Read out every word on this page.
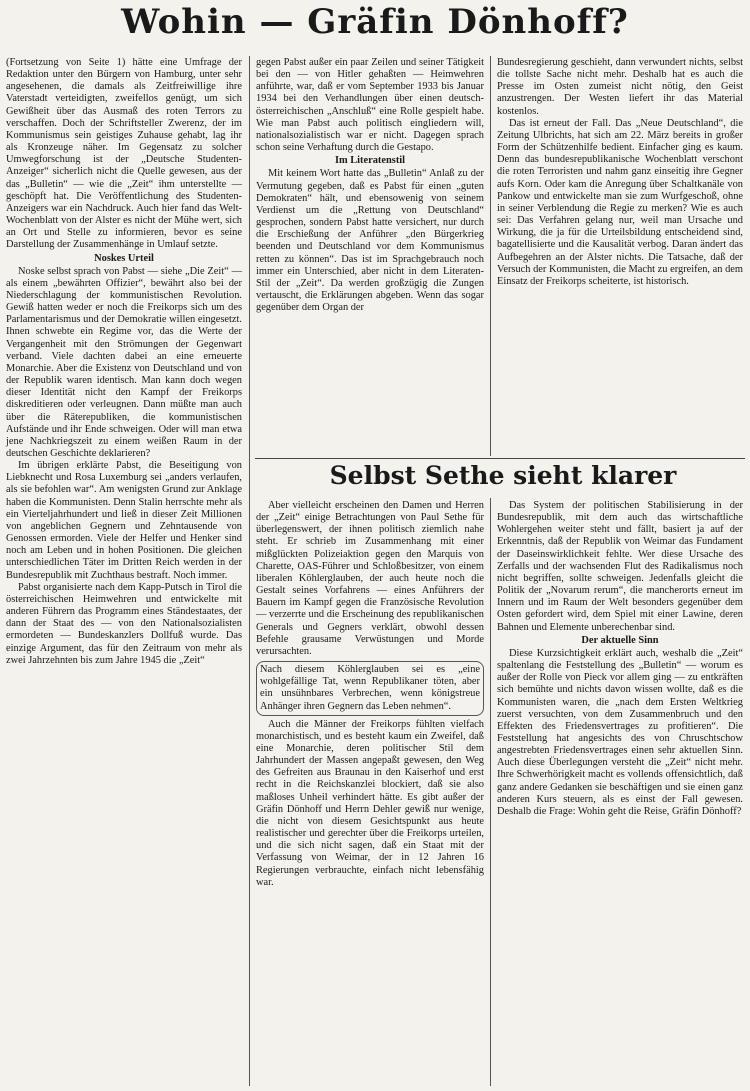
Wohin — Gräfin Dönhoff?

(Fortsetzung von Seite 1) hätte eine Umfrage der Redaktion unter den Bürgern von Hamburg, unter sehr angesehenen, die damals als Zeitfreiwillige ihre Vaterstadt verteidigten, zweifellos genügt, um sich Gewißheit über das Ausmaß des roten Terrors zu verschaffen. Doch der Schriftsteller Zwerenz, der im Kommunismus sein geistiges Zuhause gehabt, lag ihr als Kronzeuge näher. Im Gegensatz zu solcher Umwegforschung ist der „Deutsche Studenten-Anzeiger“ sicherlich nicht die Quelle gewesen, aus der das „Bulletin“ — wie die „Zeit“ ihm unterstellte — geschöpft hat. Die Veröffentlichung des Studenten-Anzeigers war ein Nachdruck. Auch hier fand das Welt-Wochenblatt von der Alster es nicht der Mühe wert, sich an Ort und Stelle zu informieren, bevor es seine Darstellung der Zusammenhänge in Umlauf setzte.

Noskes Urteil

Noske selbst sprach von Pabst — siehe „Die Zeit“ — als einem „bewährten Offizier“, bewährt also bei der Niederschlagung der kommunistischen Revolution. Gewiß hatten weder er noch die Freikorps sich um des Parlamentarismus und der Demokratie willen eingesetzt. Ihnen schwebte ein Regime vor, das die Werte der Vergangenheit mit den Strömungen der Gegenwart verband. Viele dachten dabei an eine erneuerte Monarchie. Aber die Existenz von Deutschland und von der Republik waren identisch. Man kann doch wegen dieser Identität nicht den Kampf der Freikorps diskreditieren oder verleugnen. Dann müßte man auch über die Räterepubliken, die kommunistischen Aufstände und ihr Ende schweigen. Oder will man etwa jene Nachkriegszeit zu einem weißen Raum in der deutschen Geschichte deklarieren?

Im übrigen erklärte Pabst, die Beseitigung von Liebknecht und Rosa Luxemburg sei „anders verlaufen, als sie befohlen war“. Am wenigsten Grund zur Anklage haben die Kommunisten. Denn Stalin herrschte mehr als ein Vierteljahrhundert und ließ in dieser Zeit Millionen von angeblichen Gegnern und Zehntausende von Genossen ermorden. Viele der Helfer und Henker sind noch am Leben und in hohen Positionen. Die gleichen unterschiedlichen Täter im Dritten Reich werden in der Bundesrepublik mit Zuchthaus bestraft. Noch immer.

Pabst organisierte nach dem Kapp-Putsch in Tirol die österreichischen Heimwehren und entwickelte mit anderen Führern das Programm eines Ständestaates, der dann der Staat des — von den Nationalsozialisten ermordeten — Bundeskanzlers Dollfuß wurde. Das einzige Argument, das für den Zeitraum von mehr als zwei Jahrzehnten bis zum Jahre 1945 die „Zeit“

gegen Pabst außer ein paar Zeilen und seiner Tätigkeit bei den — von Hitler gehaßten — Heimwehren anführte, war, daß er vom September 1933 bis Januar 1934 bei den Verhandlungen über einen deutsch-österreichischen „Anschluß“ eine Rolle gespielt habe. Wie man Pabst auch politisch eingliedern will, nationalsozialistisch war er nicht. Dagegen sprach schon seine Verhaftung durch die Gestapo.

Im Literatenstil

Mit keinem Wort hatte das „Bulletin“ Anlaß zu der Vermutung gegeben, daß es Pabst für einen „guten Demokraten“ hält, und ebensowenig von seinem Verdienst um die „Rettung von Deutschland“ gesprochen, sondern Pabst hatte versichert, nur durch die Erschießung der Anführer „den Bürgerkrieg beenden und Deutschland vor dem Kommunismus retten zu können“. Das ist im Sprachgebrauch noch immer ein Unterschied, aber nicht in dem Literaten-Stil der „Zeit“. Da werden großzügig die Zungen vertauscht, die Erklärungen abgeben. Wenn das sogar gegenüber dem Organ der

Bundesregierung geschieht, dann verwundert nichts, selbst die tollste Sache nicht mehr. Deshalb hat es auch die Presse im Osten zumeist nicht nötig, den Geist anzustrengen. Der Westen liefert ihr das Material kostenlos.

Das ist erneut der Fall. Das „Neue Deutschland“, die Zeitung Ulbrichts, hat sich am 22. März bereits in großer Form der Schützenhilfe bedient. Einfacher ging es kaum. Denn das bundesrepublikanische Wochenblatt verschont die roten Terroristen und nahm ganz einseitig ihre Gegner aufs Korn. Oder kam die Anregung über Schaltkanäle von Pankow und entwickelte man sie zum Wurfgeschoß, ohne in seiner Verblendung die Regie zu merken? Wie es auch sei: Das Verfahren gelang nur, weil man Ursache und Wirkung, die ja für die Urteilsbildung entscheidend sind, bagatellisierte und die Kausalität verbog. Daran ändert das Aufbegehren an der Alster nichts. Die Tatsache, daß der Versuch der Kommunisten, die Macht zu ergreifen, an dem Einsatz der Freikorps scheiterte, ist historisch.

Selbst Sethe sieht klarer

Aber vielleicht erscheinen den Damen und Herren der „Zeit“ einige Betrachtungen von Paul Sethe für überlegenswert, der ihnen politisch ziemlich nahe steht. Er schrieb im Zusammenhang mit einer mißglückten Polizeiaktion gegen den Marquis von Charette, OAS-Führer und Schloßbesitzer, von einem liberalen Köhlerglauben, der auch heute noch die Gestalt seines Vorfahrens — eines Anführers der Bauern im Kampf gegen die Französische Revolution — verzerrte und die Erscheinung des republikanischen Generals und Gegners verklärt, obwohl dessen Befehle grausame Verwüstungen und Morde verursachten.

Nach diesem Köhlerglauben sei es „eine wohlgefällige Tat, wenn Republikaner töten, aber ein unsühnbares Verbrechen, wenn königstreue Anhänger ihren Gegnern das Leben nehmen“.

Auch die Männer der Freikorps fühlten vielfach monarchistisch, und es besteht kaum ein Zweifel, daß eine Monarchie, deren politischer Stil dem Jahrhundert der Massen angepaßt gewesen, den Weg des Gefreiten aus Braunau in den Kaiserhof und erst recht in die Reichskanzlei blockiert, daß sie also maßloses Unheil verhindert hätte. Es gibt außer der Gräfin Dönhoff und Herrn Dehler gewiß nur wenige, die nicht von diesem Gesichtspunkt aus heute realistischer und gerechter über die Freikorps urteilen, und die sich nicht sagen, daß ein Staat mit der Verfassung von Weimar, der in 12 Jahren 16 Regierungen verbrauchte, einfach nicht lebensfähig war.

Das System der politischen Stabilisierung in der Bundesrepublik, mit dem auch das wirtschaftliche Wohlergehen weiter steht und fällt, basiert ja auf der Erkenntnis, daß der Republik von Weimar das Fundament der Daseinswirklichkeit fehlte. Wer diese Ursache des Zerfalls und der wachsenden Flut des Radikalismus noch nicht begriffen, sollte schweigen. Jedenfalls gleicht die Politik der „Novarum rerum“, die mancherorts erneut im Innern und im Raum der Welt besonders gegenüber dem Osten gefordert wird, dem Spiel mit einer Lawine, deren Bahnen und Elemente unberechenbar sind.

Der aktuelle Sinn

Diese Kurzsichtigkeit erklärt auch, weshalb die „Zeit“ spaltenlang die Feststellung des „Bulletin“ — worum es außer der Rolle von Pieck vor allem ging — zu entkräften sich bemühte und nichts davon wissen wollte, daß es die Kommunisten waren, die „nach dem Ersten Weltkrieg zuerst versuchten, von dem Zusammenbruch und den Effekten des Friedensvertrages zu profitieren“. Die Feststellung hat angesichts des von Chruschtschow angestrebten Friedensvertrages einen sehr aktuellen Sinn. Auch diese Überlegungen versteht die „Zeit“ nicht mehr. Ihre Schwerhörigkeit macht es vollends offensichtlich, daß ganz andere Gedanken sie beschäftigen und sie einen ganz anderen Kurs steuern, als es einst der Fall gewesen. Deshalb die Frage: Wohin geht die Reise, Gräfin Dönhoff?
